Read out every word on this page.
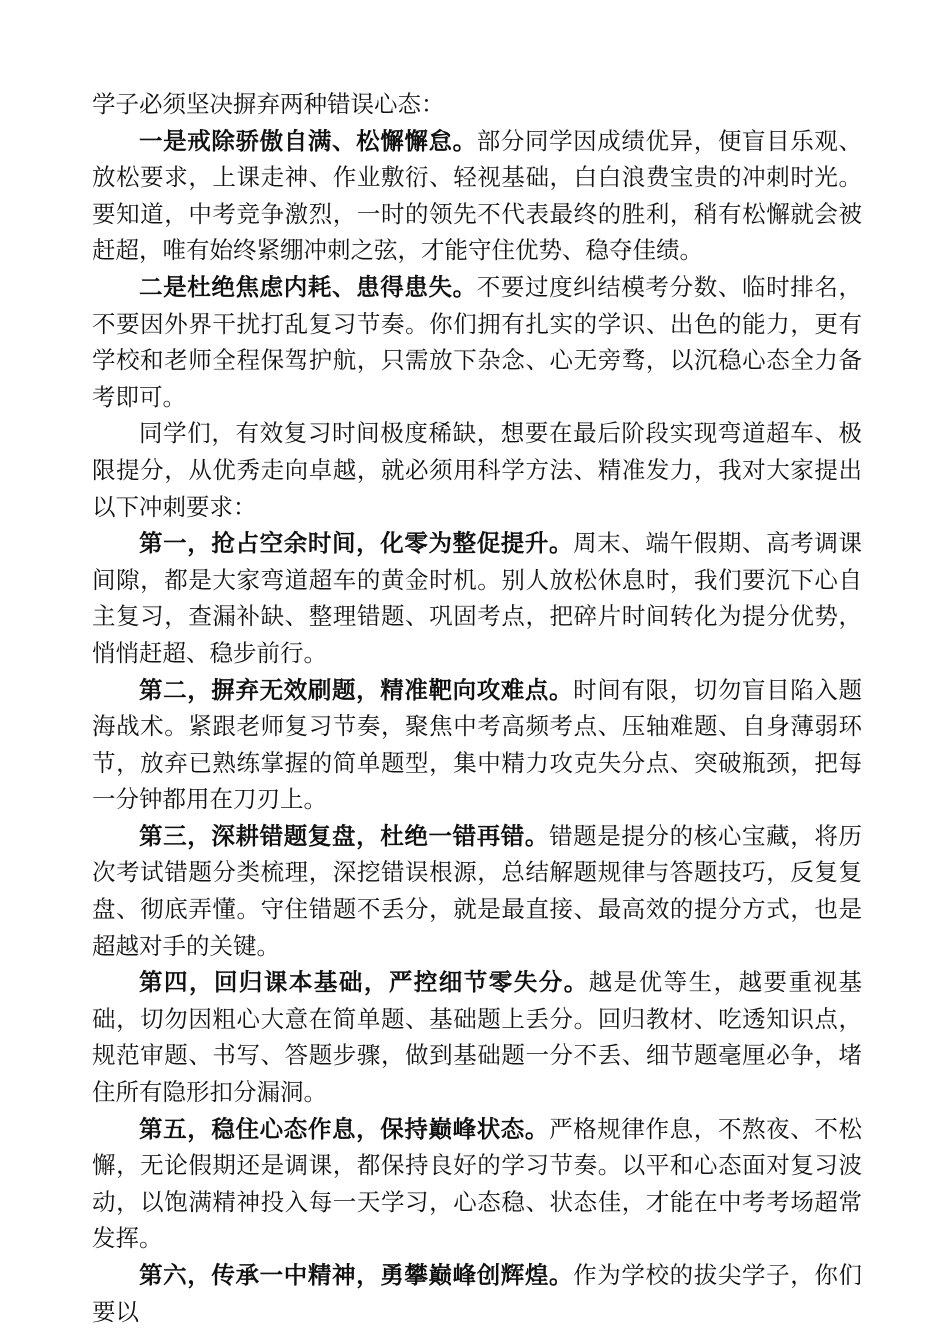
学子必须坚决摒弃两种错误心态：

一是戒除骄傲自满、松懈懈怠。部分同学因成绩优异，便盲目乐观、放松要求，上课走神、作业敷衍、轻视基础，白白浪费宝贵的冲刺时光。要知道，中考竞争激烈，一时的领先不代表最终的胜利，稍有松懈就会被赶超，唯有始终紧绷冲刺之弦，才能守住优势、稳夺佳绩。

二是杜绝焦虑内耗、患得患失。不要过度纠结模考分数、临时排名，不要因外界干扰打乱复习节奏。你们拥有扎实的学识、出色的能力，更有学校和老师全程保驾护航，只需放下杂念、心无旁骛，以沉稳心态全力备考即可。

同学们，有效复习时间极度稀缺，想要在最后阶段实现弯道超车、极限提分，从优秀走向卓越，就必须用科学方法、精准发力，我对大家提出以下冲刺要求：

第一，抢占空余时间，化零为整促提升。周末、端午假期、高考调课间隙，都是大家弯道超车的黄金时机。别人放松休息时，我们要沉下心自主复习，查漏补缺、整理错题、巩固考点，把碎片时间转化为提分优势，悄悄赶超、稳步前行。

第二，摒弃无效刷题，精准靶向攻难点。时间有限，切勿盲目陷入题海战术。紧跟老师复习节奏，聚焦中考高频考点、压轴难题、自身薄弱环节，放弃已熟练掌握的简单题型，集中精力攻克失分点、突破瓶颈，把每一分钟都用在刀刃上。

第三，深耕错题复盘，杜绝一错再错。错题是提分的核心宝藏，将历次考试错题分类梳理，深挖错误根源，总结解题规律与答题技巧，反复复盘、彻底弄懂。守住错题不丢分，就是最直接、最高效的提分方式，也是超越对手的关键。

第四，回归课本基础，严控细节零失分。越是优等生，越要重视基础，切勿因粗心大意在简单题、基础题上丢分。回归教材、吃透知识点，规范审题、书写、答题步骤，做到基础题一分不丢、细节题毫厘必争，堵住所有隐形扣分漏洞。

第五，稳住心态作息，保持巅峰状态。严格规律作息，不熬夜、不松懈，无论假期还是调课，都保持良好的学习节奏。以平和心态面对复习波动，以饱满精神投入每一天学习，心态稳、状态佳，才能在中考考场超常发挥。

第六，传承一中精神，勇攀巅峰创辉煌。作为学校的拔尖学子，你们要以
